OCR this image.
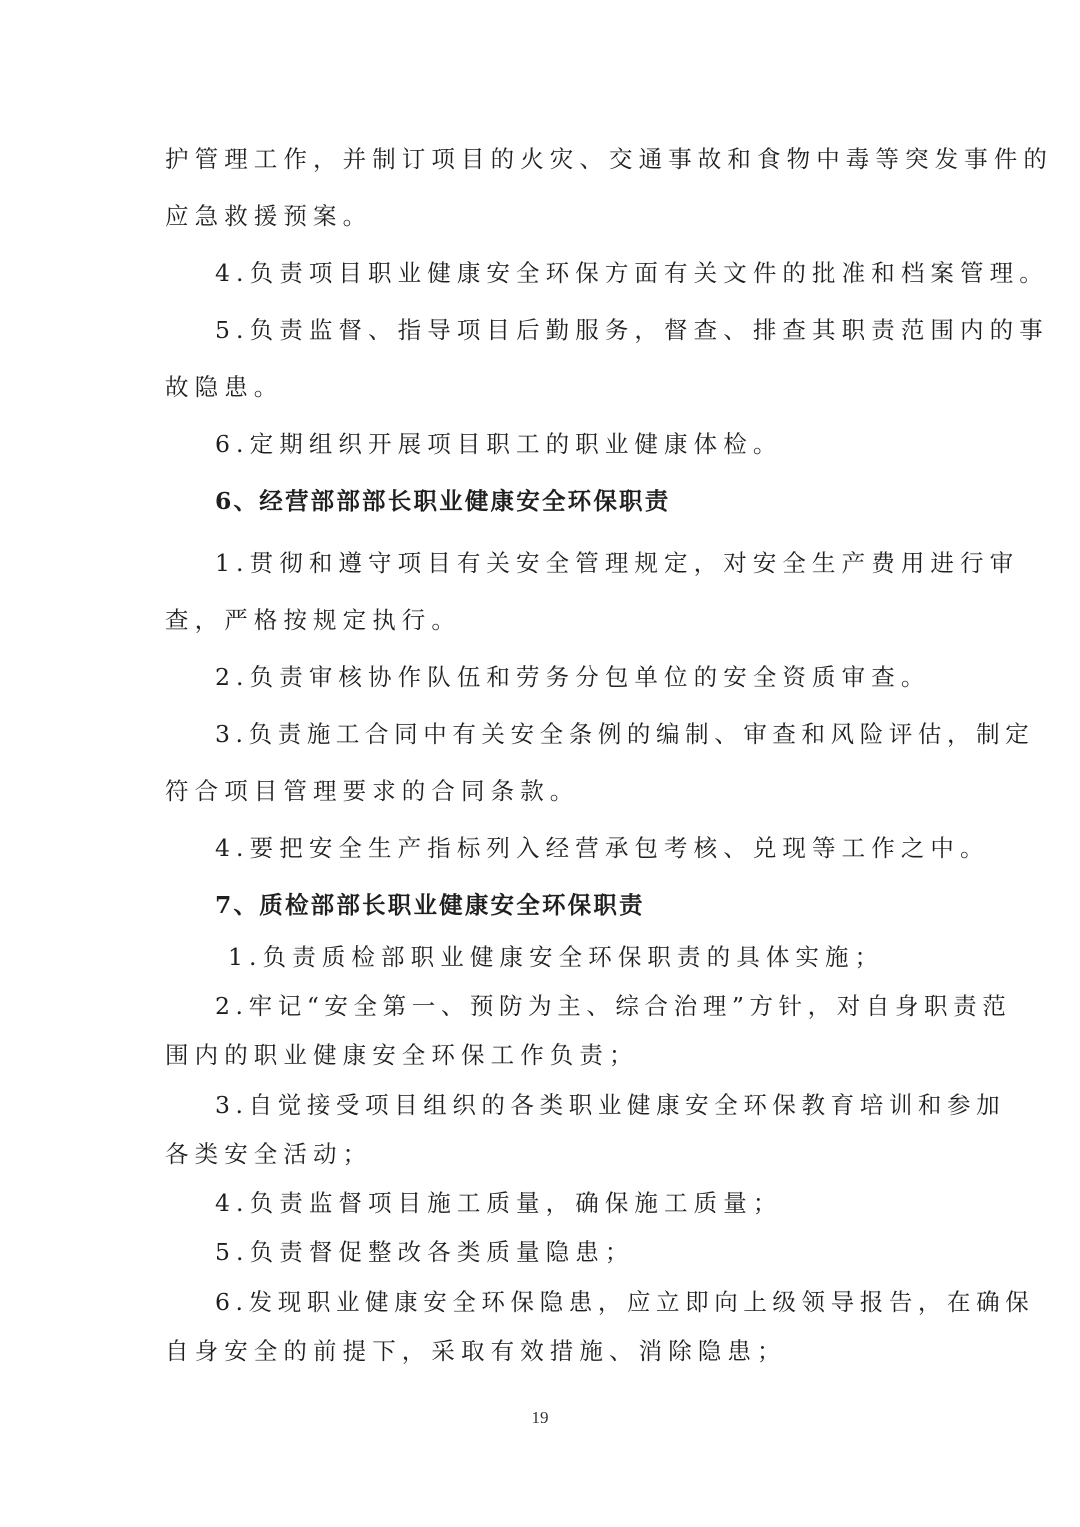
护管理工作，并制订项目的火灾、交通事故和食物中毒等突发事件的
应急救援预案。
4.负责项目职业健康安全环保方面有关文件的批准和档案管理。
5.负责监督、指导项目后勤服务，督查、排查其职责范围内的事
故隐患。
6.定期组织开展项目职工的职业健康体检。
6、经营部部部长职业健康安全环保职责
1.贯彻和遵守项目有关安全管理规定，对安全生产费用进行审
查，严格按规定执行。
2.负责审核协作队伍和劳务分包单位的安全资质审查。
3.负责施工合同中有关安全条例的编制、审查和风险评估，制定
符合项目管理要求的合同条款。
4.要把安全生产指标列入经营承包考核、兑现等工作之中。
7、质检部部长职业健康安全环保职责
1.负责质检部职业健康安全环保职责的具体实施；
2.牢记“安全第一、预防为主、综合治理”方针，对自身职责范
围内的职业健康安全环保工作负责；
3.自觉接受项目组织的各类职业健康安全环保教育培训和参加
各类安全活动；
4.负责监督项目施工质量，确保施工质量；
5.负责督促整改各类质量隐患；
6.发现职业健康安全环保隐患，应立即向上级领导报告，在确保
自身安全的前提下，采取有效措施、消除隐患；
19
